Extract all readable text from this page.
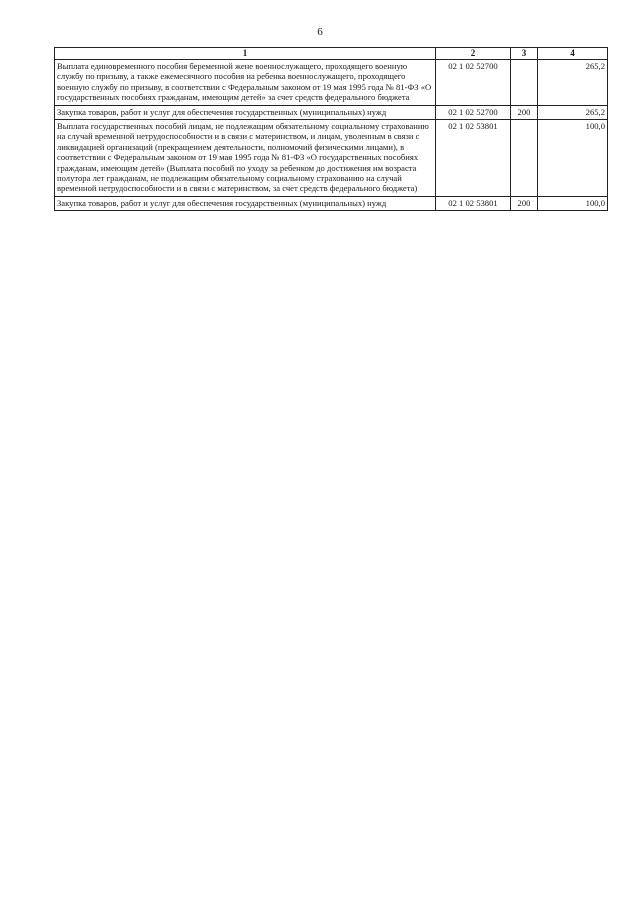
6
1	2	3	4
Выплата единовременного пособия беременной жене военнослужащего, проходящего военную службу по призыву, а также ежемесячного пособия на ребенка военнослужащего, проходящего военную службу по призыву, в соответствии с Федеральным законом от 19 мая 1995 года № 81-ФЗ «О государственных пособиях гражданам, имеющим детей» за счет средств федерального бюджета	02 1 02 52700		265,2
Закупка товаров, работ и услуг для обеспечения государственных (муниципальных) нужд	02 1 02 52700	200	265,2
Выплата государственных пособий лицам, не подлежащим обязательному социальному страхованию на случай временной нетрудоспособности и в связи с материнством, и лицам, уволенным в связи с ликвидацией организаций (прекращением деятельности, полномочий физическими лицами), в соответствии с Федеральным законом от 19 мая 1995 года № 81-ФЗ «О государственных пособиях гражданам, имеющим детей» (Выплата пособий по уходу за ребенком до достижения им возраста полутора лет гражданам, не подлежащим обязательному социальному страхованию на случай временной нетрудоспособности и в связи с материнством, за счет средств федерального бюджета)	02 1 02 53801		100,0
Закупка товаров, работ и услуг для обеспечения государственных (муниципальных) нужд	02 1 02 53801	200	100,0
